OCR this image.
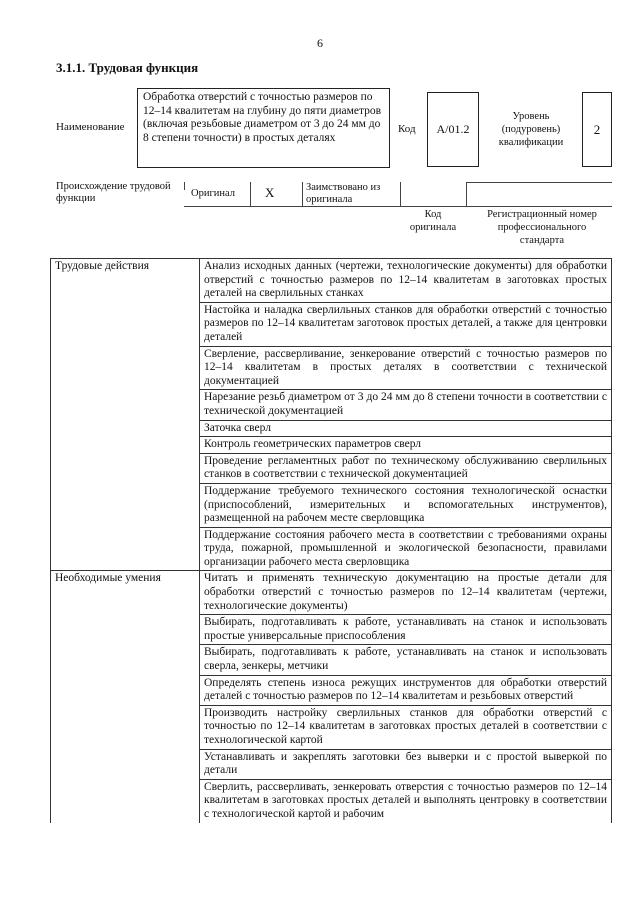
6
3.1.1. Трудовая функция
Наименование
Обработка отверстий с точностью размеров по 12–14 квалитетам на глубину до пяти диаметров (включая резьбовые диаметром от 3 до 24 мм до 8 степени точности) в простых деталях
Код А/01.2
Уровень (подуровень) квалификации
2
Происхождение трудовой функции	Оригинал X	Заимствовано из оригинала
Код оригинала
Регистрационный номер профессионального стандарта
Трудовые действия	Анализ исходных данных (чертежи, технологические документы) для обработки отверстий с точностью размеров по 12–14 квалитетам в заготовках простых деталей на сверлильных станках
	Настойка и наладка сверлильных станков для обработки отверстий с точностью размеров по 12–14 квалитетам заготовок простых деталей, а также для центровки деталей
	Сверление, рассверливание, зенкерование отверстий с точностью размеров по 12–14 квалитетам в простых деталях в соответствии с технической документацией
	Нарезание резьб диаметром от 3 до 24 мм до 8 степени точности в соответствии с технической документацией
	Заточка сверл
	Контроль геометрических параметров сверл
	Проведение регламентных работ по техническому обслуживанию сверлильных станков в соответствии с технической документацией
	Поддержание требуемого технического состояния технологической оснастки (приспособлений, измерительных и вспомогательных инструментов), размещенной на рабочем месте сверловщика
	Поддержание состояния рабочего места в соответствии с требованиями охраны труда, пожарной, промышленной и экологической безопасности, правилами организации рабочего места сверловщика
Необходимые умения	Читать и применять техническую документацию на простые детали для обработки отверстий с точностью размеров по 12–14 квалитетам (чертежи, технологические документы)
	Выбирать, подготавливать к работе, устанавливать на станок и использовать простые универсальные приспособления
	Выбирать, подготавливать к работе, устанавливать на станок и использовать сверла, зенкеры, метчики
	Определять степень износа режущих инструментов для обработки отверстий деталей с точностью размеров по 12–14 квалитетам и резьбовых отверстий
	Производить настройку сверлильных станков для обработки отверстий с точностью по 12–14 квалитетам в заготовках простых деталей в соответствии с технологической картой
	Устанавливать и закреплять заготовки без выверки и с простой выверкой по детали
	Сверлить, рассверливать, зенкеровать отверстия с точностью размеров по 12–14 квалитетам в заготовках простых деталей и выполнять центровку в соответствии с технологической картой и рабочим
